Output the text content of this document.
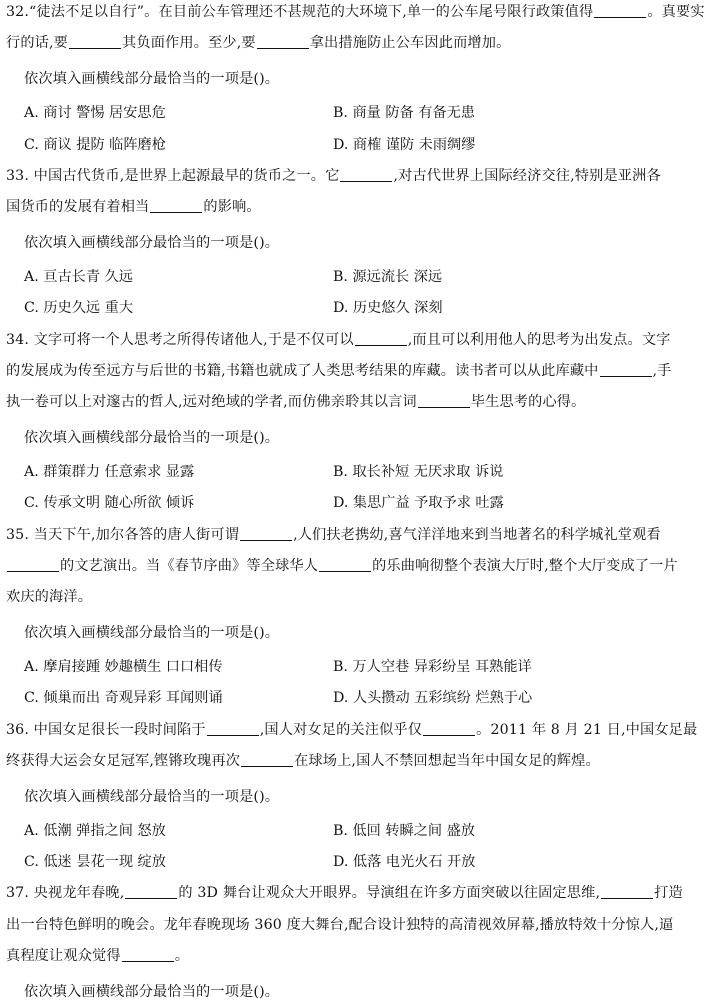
32.“徒法不足以自行”。在目前公车管理还不甚规范的大环境下,单一的公车尾号限行政策值得	。真要实
行的话,要	其负面作用。至少,要	拿出措施防止公车因此而增加。
依次填入画横线部分最恰当的一项是()。
A. 商讨 警惕 居安思危	B. 商量 防备 有备无患
C. 商议 提防 临阵磨枪	D. 商榷 谨防 未雨绸缪
33. 中国古代货币,是世界上起源最早的货币之一。它	,对古代世界上国际经济交往,特别是亚洲各
国货币的发展有着相当	的影响。
依次填入画横线部分最恰当的一项是()。
A. 亘古长青 久远	B. 源远流长 深远
C. 历史久远 重大	D. 历史悠久 深刻
34. 文字可将一个人思考之所得传诸他人,于是不仅可以	,而且可以利用他人的思考为出发点。文字
的发展成为传至远方与后世的书籍,书籍也就成了人类思考结果的库藏。读书者可以从此库藏中	,手
执一卷可以上对邃古的哲人,远对绝域的学者,而仿佛亲聆其以言词	毕生思考的心得。
依次填入画横线部分最恰当的一项是()。
A. 群策群力 任意索求 显露	B. 取长补短 无厌求取 诉说
C. 传承文明 随心所欲 倾诉	D. 集思广益 予取予求 吐露
35. 当天下午,加尔各答的唐人街可谓	,人们扶老携幼,喜气洋洋地来到当地著名的科学城礼堂观看
的文艺演出。当《春节序曲》等全球华人	的乐曲响彻整个表演大厅时,整个大厅变成了一片
欢庆的海洋。
依次填入画横线部分最恰当的一项是()。
A. 摩肩接踵 妙趣横生 口口相传	B. 万人空巷 异彩纷呈 耳熟能详
C. 倾巢而出 奇观异彩 耳闻则诵	D. 人头攒动 五彩缤纷 烂熟于心
36. 中国女足很长一段时间陷于	,国人对女足的关注似乎仅	。2011 年 8 月 21 日,中国女足最
终获得大运会女足冠军,铿锵玫瑰再次	在球场上,国人不禁回想起当年中国女足的辉煌。
依次填入画横线部分最恰当的一项是()。
A. 低潮 弹指之间 怒放	B. 低回 转瞬之间 盛放
C. 低迷 昙花一现 绽放	D. 低落 电光火石 开放
37. 央视龙年春晚,	的 3D 舞台让观众大开眼界。导演组在许多方面突破以往固定思维,	打造
出一台特色鲜明的晚会。龙年春晚现场 360 度大舞台,配合设计独特的高清视效屏幕,播放特效十分惊人,逼
真程度让观众觉得	。
依次填入画横线部分最恰当的一项是()。
